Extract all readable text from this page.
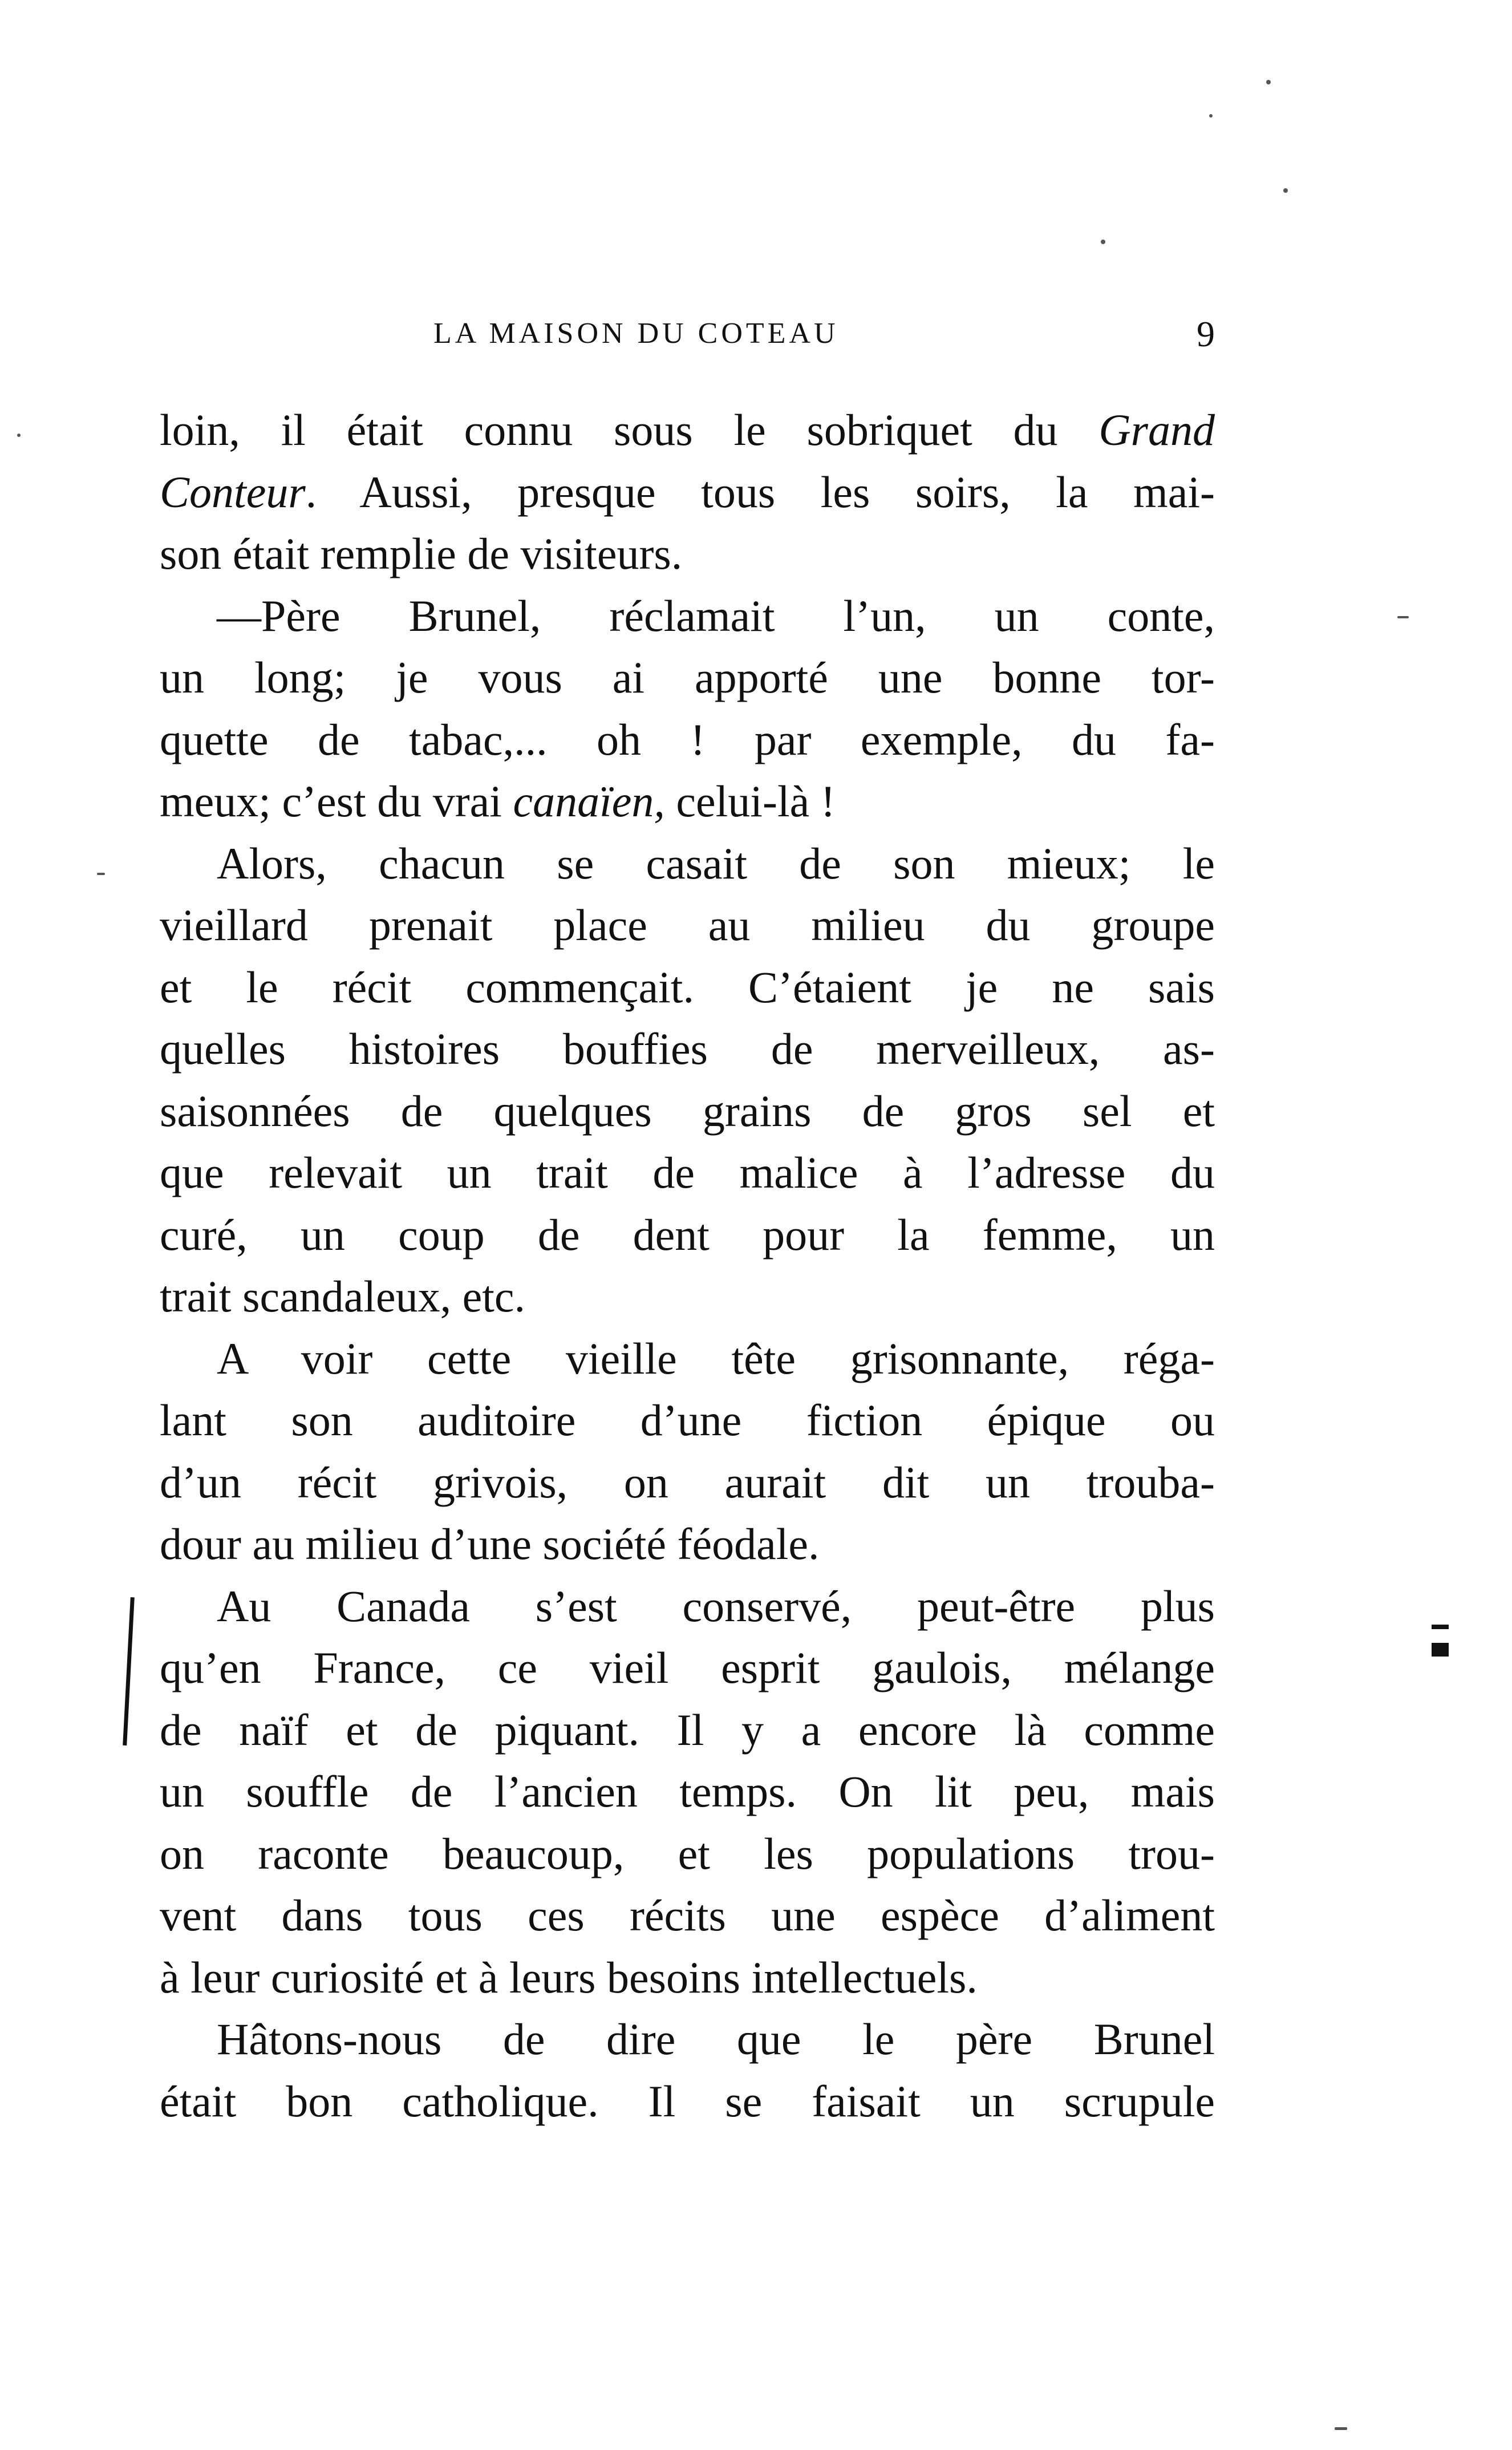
LA MAISON DU COTEAU	9
loin, il était connu sous le sobriquet du Grand
Conteur. Aussi, presque tous les soirs, la mai-
son était remplie de visiteurs.
—Père Brunel, réclamait l’un, un conte,
un long; je vous ai apporté une bonne tor-
quette de tabac,... oh ! par exemple, du fa-
meux; c’est du vrai canaïen, celui-là !
Alors, chacun se casait de son mieux; le
vieillard prenait place au milieu du groupe
et le récit commençait. C’étaient je ne sais
quelles histoires bouffies de merveilleux, as-
saisonnées de quelques grains de gros sel et
que relevait un trait de malice à l’adresse du
curé, un coup de dent pour la femme, un
trait scandaleux, etc.
A voir cette vieille tête grisonnante, réga-
lant son auditoire d’une fiction épique ou
d’un récit grivois, on aurait dit un trouba-
dour au milieu d’une société féodale.
Au Canada s’est conservé, peut-être plus
qu’en France, ce vieil esprit gaulois, mélange
de naïf et de piquant. Il y a encore là comme
un souffle de l’ancien temps. On lit peu, mais
on raconte beaucoup, et les populations trou-
vent dans tous ces récits une espèce d’aliment
à leur curiosité et à leurs besoins intellectuels.
Hâtons-nous de dire que le père Brunel
était bon catholique. Il se faisait un scrupule
